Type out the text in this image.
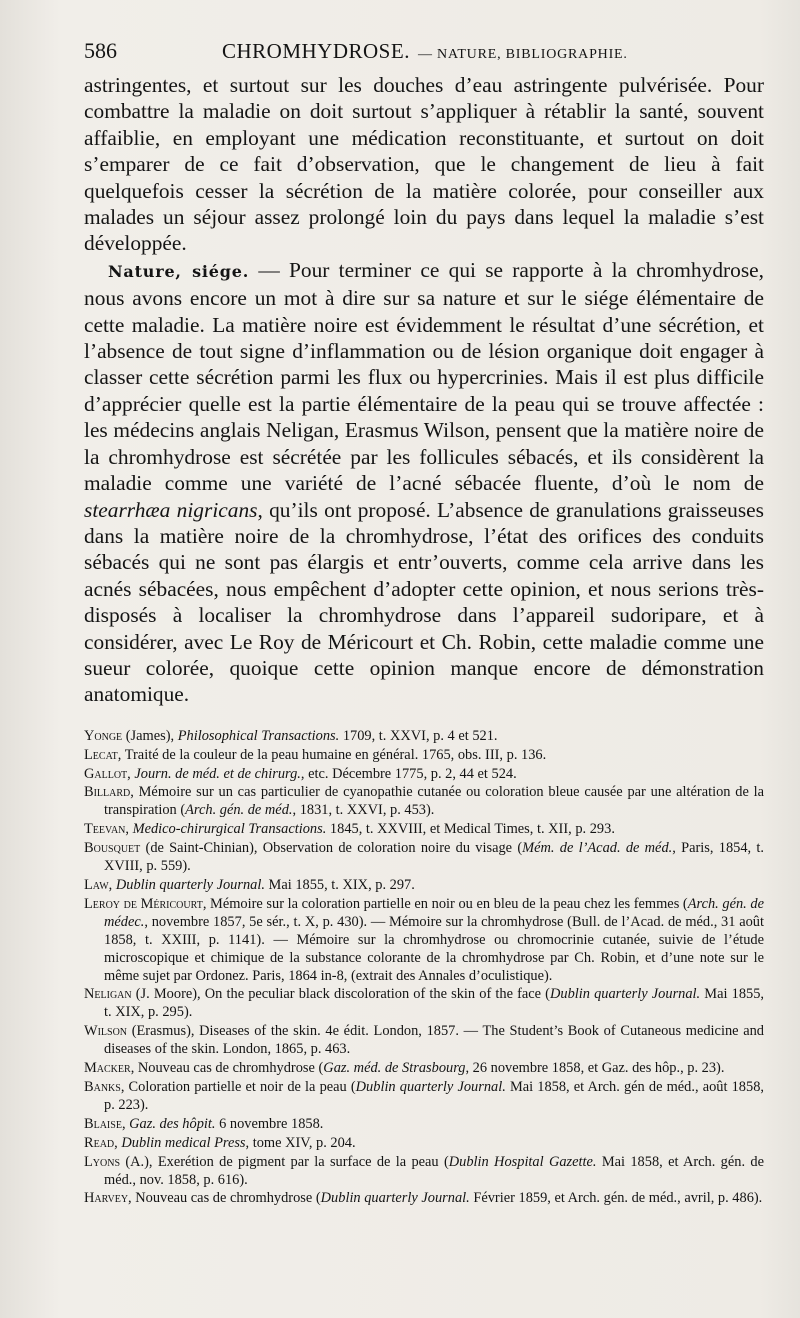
586	CHROMHYDROSE. — NATURE, BIBLIOGRAPHIE.

astringentes, et surtout sur les douches d’eau astringente pulvérisée. Pour combattre la maladie on doit surtout s’appliquer à rétablir la santé, souvent affaiblie, en employant une médication reconstituante, et surtout on doit s’emparer de ce fait d’observation, que le changement de lieu à fait quelquefois cesser la sécrétion de la matière colorée, pour conseiller aux malades un séjour assez prolongé loin du pays dans lequel la maladie s’est développée.

Nature, siége. — Pour terminer ce qui se rapporte à la chromhydrose, nous avons encore un mot à dire sur sa nature et sur le siége élémentaire de cette maladie. La matière noire est évidemment le résultat d’une sécrétion, et l’absence de tout signe d’inflammation ou de lésion organique doit engager à classer cette sécrétion parmi les flux ou hypercrinies. Mais il est plus difficile d’apprécier quelle est la partie élémentaire de la peau qui se trouve affectée : les médecins anglais Neligan, Erasmus Wilson, pensent que la matière noire de la chromhydrose est sécrétée par les follicules sébacés, et ils considèrent la maladie comme une variété de l’acné sébacée fluente, d’où le nom de stearrhæa nigricans, qu’ils ont proposé. L’absence de granulations graisseuses dans la matière noire de la chromhydrose, l’état des orifices des conduits sébacés qui ne sont pas élargis et entr’ouverts, comme cela arrive dans les acnés sébacées, nous empêchent d’adopter cette opinion, et nous serions très-disposés à localiser la chromhydrose dans l’appareil sudoripare, et à considérer, avec Le Roy de Méricourt et Ch. Robin, cette maladie comme une sueur colorée, quoique cette opinion manque encore de démonstration anatomique.

Yonge (James), Philosophical Transactions. 1709, t. XXVI, p. 4 et 521.

Lecat, Traité de la couleur de la peau humaine en général. 1765, obs. III, p. 136.

Gallot, Journ. de méd. et de chirurg., etc. Décembre 1775, p. 2, 44 et 524.

Billard, Mémoire sur un cas particulier de cyanopathie cutanée ou coloration bleue causée par une altération de la transpiration (Arch. gén. de méd., 1831, t. XXVI, p. 453).

Teevan, Medico-chirurgical Transactions. 1845, t. XXVIII, et Medical Times, t. XII, p. 293.

Bousquet (de Saint-Chinian), Observation de coloration noire du visage (Mém. de l’Acad. de méd., Paris, 1854, t. XVIII, p. 559).

Law, Dublin quarterly Journal. Mai 1855, t. XIX, p. 297.

Leroy de Méricourt, Mémoire sur la coloration partielle en noir ou en bleu de la peau chez les femmes (Arch. gén. de médec., novembre 1857, 5e sér., t. X, p. 430). — Mémoire sur la chromhydrose (Bull. de l’Acad. de méd., 31 août 1858, t. XXIII, p. 1141). — Mémoire sur la chromhydrose ou chromocrinie cutanée, suivie de l’étude microscopique et chimique de la substance colorante de la chromhydrose par Ch. Robin, et d’une note sur le même sujet par Ordonez. Paris, 1864 in-8, (extrait des Annales d’oculistique).

Neligan (J. Moore), On the peculiar black discoloration of the skin of the face (Dublin quarterly Journal. Mai 1855, t. XIX, p. 295).

Wilson (Erasmus), Diseases of the skin. 4e édit. London, 1857. — The Student’s Book of Cutaneous medicine and diseases of the skin. London, 1865, p. 463.

Macker, Nouveau cas de chromhydrose (Gaz. méd. de Strasbourg, 26 novembre 1858, et Gaz. des hôp., p. 23).

Banks, Coloration partielle et noir de la peau (Dublin quarterly Journal. Mai 1858, et Arch. gén de méd., août 1858, p. 223).

Blaise, Gaz. des hôpit. 6 novembre 1858.

Read, Dublin medical Press, tome XIV, p. 204.

Lyons (A.), Exerétion de pigment par la surface de la peau (Dublin Hospital Gazette. Mai 1858, et Arch. gén. de méd., nov. 1858, p. 616).

Harvey, Nouveau cas de chromhydrose (Dublin quarterly Journal. Février 1859, et Arch. gén. de méd., avril, p. 486).
